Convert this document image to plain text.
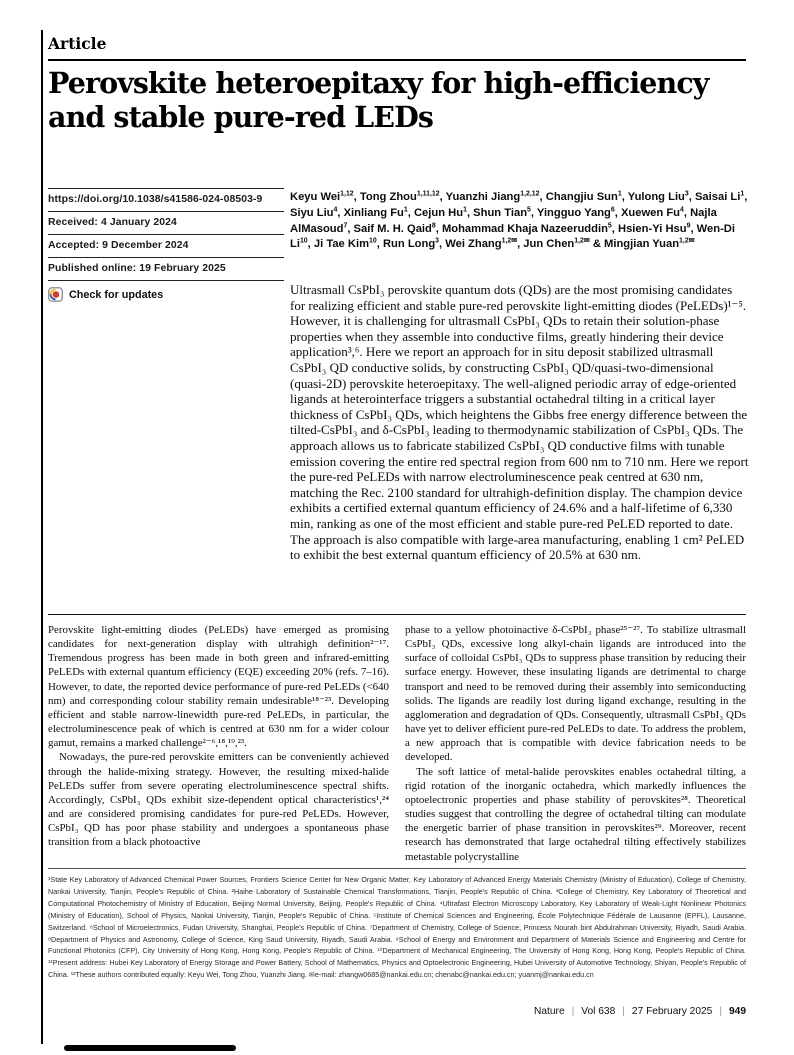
Article
Perovskite heteroepitaxy for high-efficiency
and stable pure-red LEDs
https://doi.org/10.1038/s41586-024-08503-9
Received: 4 January 2024
Accepted: 9 December 2024
Published online: 19 February 2025
Check for updates
Keyu Wei$^{1,12}$, Tong Zhou$^{1,11,12}$, Yuanzhi Jiang$^{1,2,12}$, Changjiu Sun$^1$, Yulong Liu$^3$, Saisai Li$^1$, Siyu Liu$^4$, Xinliang Fu$^1$, Cejun Hu$^1$, Shun Tian$^5$, Yingguo Yang$^6$, Xuewen Fu$^4$, Najla AlMasoud$^7$, Saif M. H. Qaid$^8$, Mohammad Khaja Nazeeruddin$^5$, Hsien-Yi Hsu$^9$, Wen-Di Li$^{10}$, Ji Tae Kim$^{10}$, Run Long$^3$, Wei Zhang$^{1,2✉}$, Jun Chen$^{1,2✉}$ & Mingjian Yuan$^{1,2✉}$
Ultrasmall CsPbI₃ perovskite quantum dots (QDs) are the most promising candidates for realizing efficient and stable pure-red perovskite light-emitting diodes (PeLEDs)¹⁻⁵. However, it is challenging for ultrasmall CsPbI₃ QDs to retain their solution-phase properties when they assemble into conductive films, greatly hindering their device application³,⁶. Here we report an approach for in situ deposit stabilized ultrasmall CsPbI₃ QD conductive solids, by constructing CsPbI₃ QD/quasi-two-dimensional (quasi-2D) perovskite heteroepitaxy. The well-aligned periodic array of edge-oriented ligands at heterointerface triggers a substantial octahedral tilting in a critical layer thickness of CsPbI₃ QDs, which heightens the Gibbs free energy difference between the tilted-CsPbI₃ and δ-CsPbI₃ leading to thermodynamic stabilization of CsPbI₃ QDs. The approach allows us to fabricate stabilized CsPbI₃ QD conductive films with tunable emission covering the entire red spectral region from 600 nm to 710 nm. Here we report the pure-red PeLEDs with narrow electroluminescence peak centred at 630 nm, matching the Rec. 2100 standard for ultrahigh-definition display. The champion device exhibits a certified external quantum efficiency of 24.6% and a half-lifetime of 6,330 min, ranking as one of the most efficient and stable pure-red PeLED reported to date. The approach is also compatible with large-area manufacturing, enabling 1 cm² PeLED to exhibit the best external quantum efficiency of 20.5% at 630 nm.

Perovskite light-emitting diodes (PeLEDs) have emerged as promising candidates for next-generation display with ultrahigh definition²⁻¹⁷. Tremendous progress has been made in both green and infrared-emitting PeLEDs with external quantum efficiency (EQE) exceeding 20% (refs. 7–16). However, to date, the reported device performance of pure-red PeLEDs (<640 nm) and corresponding colour stability remain undesirable¹⁸⁻²³. Developing efficient and stable narrow-linewidth pure-red PeLEDs, in particular, the electroluminescence peak of which is centred at 630 nm for a wider colour gamut, remains a marked challenge²⁻⁶,¹⁸,¹⁹,²³.

Nowadays, the pure-red perovskite emitters can be conveniently achieved through the halide-mixing strategy. However, the resulting mixed-halide PeLEDs suffer from severe operating electroluminescence spectral shifts. Accordingly, CsPbI₃ QDs exhibit size-dependent optical characteristics¹,²⁴ and are considered promising candidates for pure-red PeLEDs. However, CsPbI₃ QD has poor phase stability and undergoes a spontaneous phase transition from a black photoactive

phase to a yellow photoinactive δ-CsPbI₃ phase²⁵⁻²⁷. To stabilize ultrasmall CsPbI₃ QDs, excessive long alkyl-chain ligands are introduced into the surface of colloidal CsPbI₃ QDs to suppress phase transition by reducing their surface energy. However, these insulating ligands are detrimental to charge transport and need to be removed during their assembly into semiconducting solids. The ligands are readily lost during ligand exchange, resulting in the agglomeration and degradation of QDs. Consequently, ultrasmall CsPbI₃ QDs have yet to deliver efficient pure-red PeLEDs to date. To address the problem, a new approach that is compatible with device fabrication needs to be developed.

The soft lattice of metal-halide perovskites enables octahedral tilting, a rigid rotation of the inorganic octahedra, which markedly influences the optoelectronic properties and phase stability of perovskites²⁸. Theoretical studies suggest that controlling the degree of octahedral tilting can modulate the energetic barrier of phase transition in perovskites²⁹. Moreover, recent research has demonstrated that large octahedral tilting effectively stabilizes metastable polycrystalline

¹State Key Laboratory of Advanced Chemical Power Sources, Frontiers Science Center for New Organic Matter, Key Laboratory of Advanced Energy Materials Chemistry (Ministry of Education), College of Chemistry, Nankai University, Tianjin, People's Republic of China. ²Haihe Laboratory of Sustainable Chemical Transformations, Tianjin, People's Republic of China. ³College of Chemistry, Key Laboratory of Theoretical and Computational Photochemistry of Ministry of Education, Beijing Normal University, Beijing, People's Republic of China. ⁴Ultrafast Electron Microscopy Laboratory, Key Laboratory of Weak-Light Nonlinear Photonics (Ministry of Education), School of Physics, Nankai University, Tianjin, People's Republic of China. ⁵Institute of Chemical Sciences and Engineering, École Polytechnique Fédérale de Lausanne (EPFL), Lausanne, Switzerland. ⁶School of Microelectronics, Fudan University, Shanghai, People's Republic of China. ⁷Department of Chemistry, College of Science, Princess Nourah bint Abdulrahman University, Riyadh, Saudi Arabia. ⁸Department of Physics and Astronomy, College of Science, King Saud University, Riyadh, Saudi Arabia. ⁹School of Energy and Environment and Department of Materials Science and Engineering and Centre for Functional Photonics (CFP), City University of Hong Kong, Hong Kong, People's Republic of China. ¹⁰Department of Mechanical Engineering, The University of Hong Kong, Hong Kong, People's Republic of China. ¹¹Present address: Hubei Key Laboratory of Energy Storage and Power Battery, School of Mathematics, Physics and Optoelectronic Engineering, Hubei University of Automotive Technology, Shiyan, People's Republic of China. ¹²These authors contributed equally: Keyu Wei, Tong Zhou, Yuanzhi Jiang. ✉e-mail: zhangw0685@nankai.edu.cn; chenabc@nankai.edu.cn; yuanmj@nankai.edu.cn
Nature | Vol 638 | 27 February 2025 | 949
